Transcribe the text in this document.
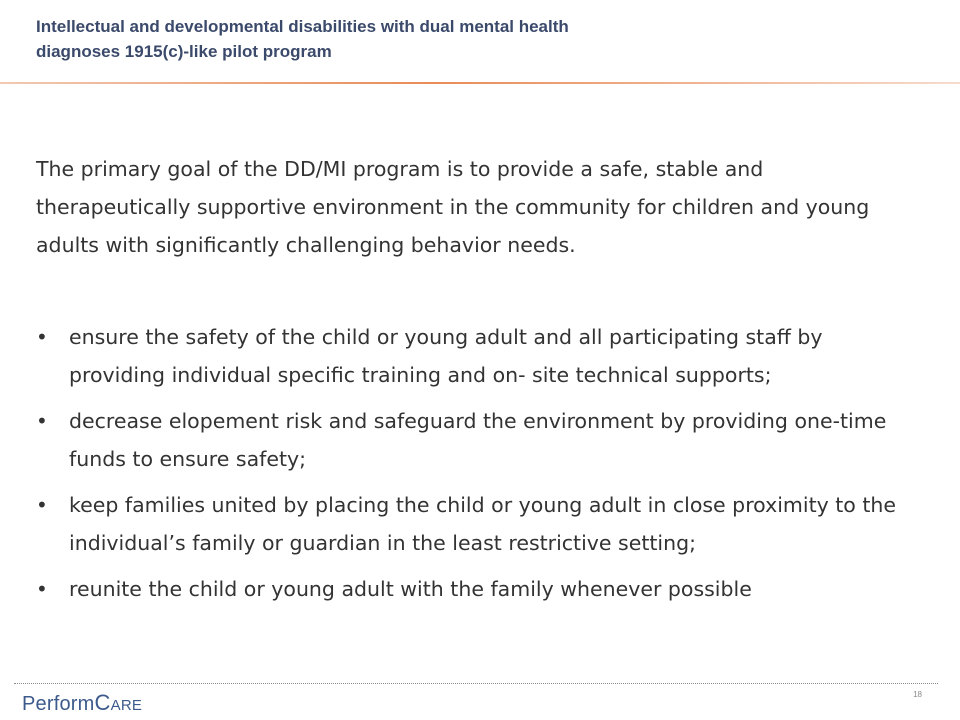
Intellectual and developmental disabilities with dual mental health
diagnoses 1915(c)-like pilot program
The primary goal of the DD/MI program is to provide a safe, stable and therapeutically supportive environment in the community for children and young adults with significantly challenging behavior needs.
•	ensure the safety of the child or young adult and all participating staff by providing individual specific training and on- site technical supports;
•	decrease elopement risk and safeguard the environment by providing one-time funds to ensure safety;
•	keep families united by placing the child or young adult in close proximity to the individual’s family or guardian in the least restrictive setting;
•	reunite the child or young adult with the family whenever possible
PerformCare	18
